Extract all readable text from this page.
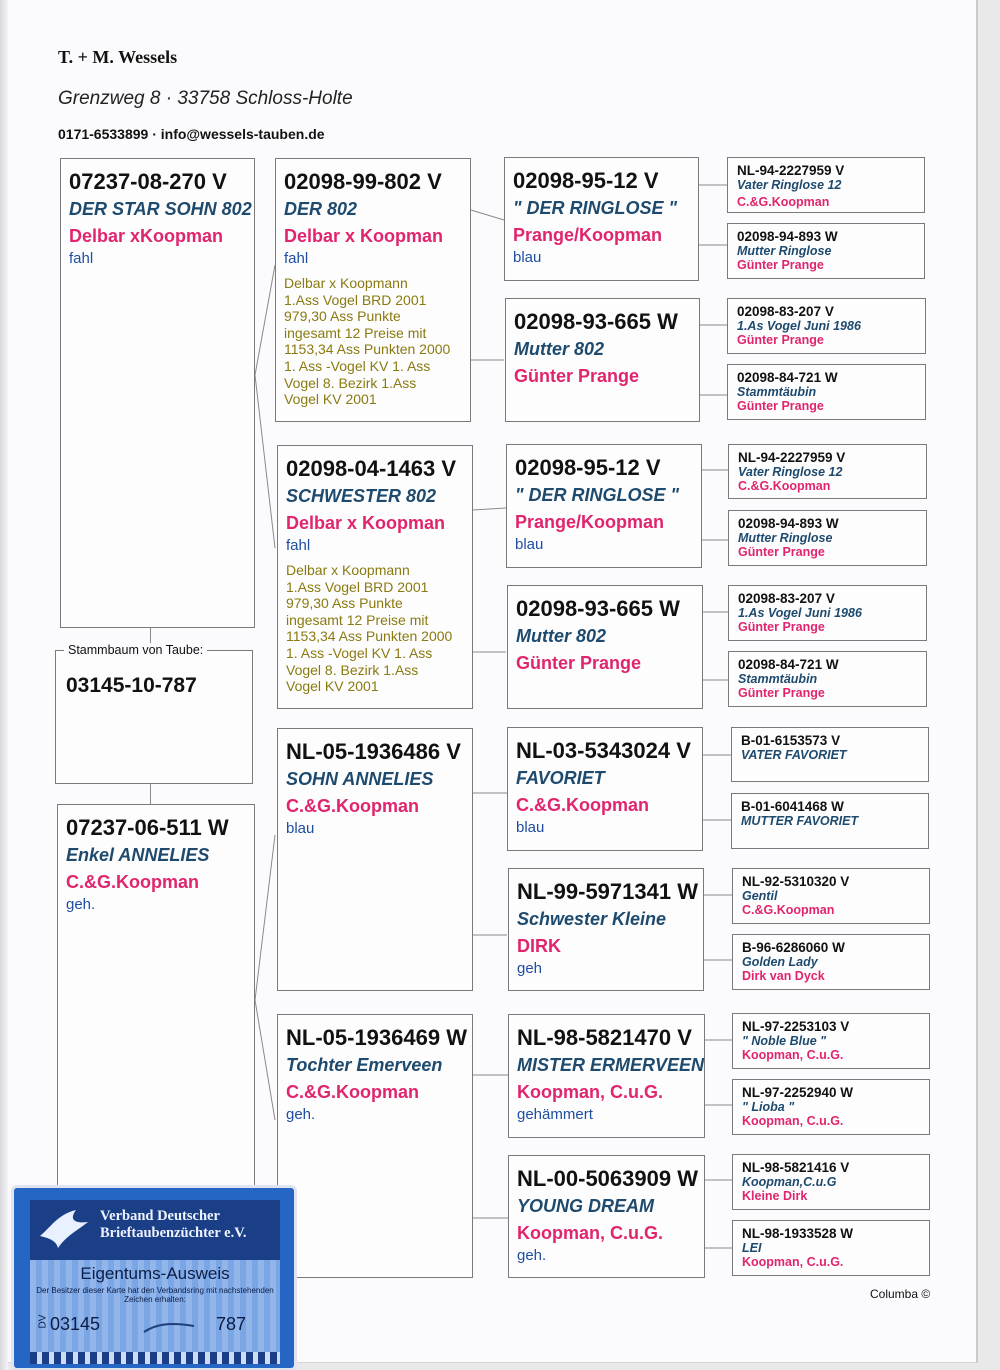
T. + M. Wessels
Grenzweg 8 · 33758 Schloss-Holte
0171-6533899 · info@wessels-tauben.de
07237-08-270 V
DER STAR SOHN 802
Delbar xKoopman
fahl
Stammbaum von Taube:
03145-10-787
07237-06-511 W
Enkel ANNELIES
C.&G.Koopman
geh.
02098-99-802 V
DER 802
Delbar x Koopman
fahl
Delbar x Koopmann
1.Ass Vogel BRD 2001
979,30 Ass Punkte
ingesamt 12 Preise mit
1153,34 Ass Punkten 2000
1. Ass -Vogel KV 1. Ass
Vogel 8. Bezirk 1.Ass
Vogel KV 2001
02098-04-1463 V
SCHWESTER 802
Delbar x Koopman
fahl
Delbar x Koopmann
1.Ass Vogel BRD 2001
979,30 Ass Punkte
ingesamt 12 Preise mit
1153,34 Ass Punkten 2000
1. Ass -Vogel KV 1. Ass
Vogel 8. Bezirk 1.Ass
Vogel KV 2001
NL-05-1936486 V
SOHN ANNELIES
C.&G.Koopman
blau
NL-05-1936469 W
Tochter Emerveen
C.&G.Koopman
geh.
02098-95-12 V
" DER RINGLOSE "
Prange/Koopman
blau
02098-93-665 W
Mutter 802
Günter Prange
02098-95-12 V
" DER RINGLOSE "
Prange/Koopman
blau
02098-93-665 W
Mutter 802
Günter Prange
NL-03-5343024 V
FAVORIET
C.&G.Koopman
blau
NL-99-5971341 W
Schwester Kleine
DIRK
geh
NL-98-5821470 V
MISTER ERMERVEEN
Koopman, C.u.G.
gehämmert
NL-00-5063909 W
YOUNG DREAM
Koopman, C.u.G.
geh.
NL-94-2227959 V
Vater Ringlose 12
C.&G.Koopman
02098-94-893 W
Mutter Ringlose
Günter Prange
02098-83-207 V
1.As Vogel Juni 1986
Günter Prange
02098-84-721 W
Stammtäubin
Günter Prange
NL-94-2227959 V
Vater Ringlose 12
C.&G.Koopman
02098-94-893 W
Mutter Ringlose
Günter Prange
02098-83-207 V
1.As Vogel Juni 1986
Günter Prange
02098-84-721 W
Stammtäubin
Günter Prange
B-01-6153573 V
VATER FAVORIET
B-01-6041468 W
MUTTER FAVORIET
NL-92-5310320 V
Gentil
C.&G.Koopman
B-96-6286060 W
Golden Lady
Dirk van Dyck
NL-97-2253103 V
" Noble Blue "
Koopman, C.u.G.
NL-97-2252940 W
" Lioba "
Koopman, C.u.G.
NL-98-5821416 V
Koopman,C.u.G
Kleine Dirk
NL-98-1933528 W
LEI
Koopman, C.u.G.
Columba ©
Verband Deutscher Brieftaubenzüchter e.V.
Eigentums-Ausweis
Der Besitzer dieser Karte hat den Verbandsring mit nachstehenden Zeichen erhalten:
DV 03145	787
